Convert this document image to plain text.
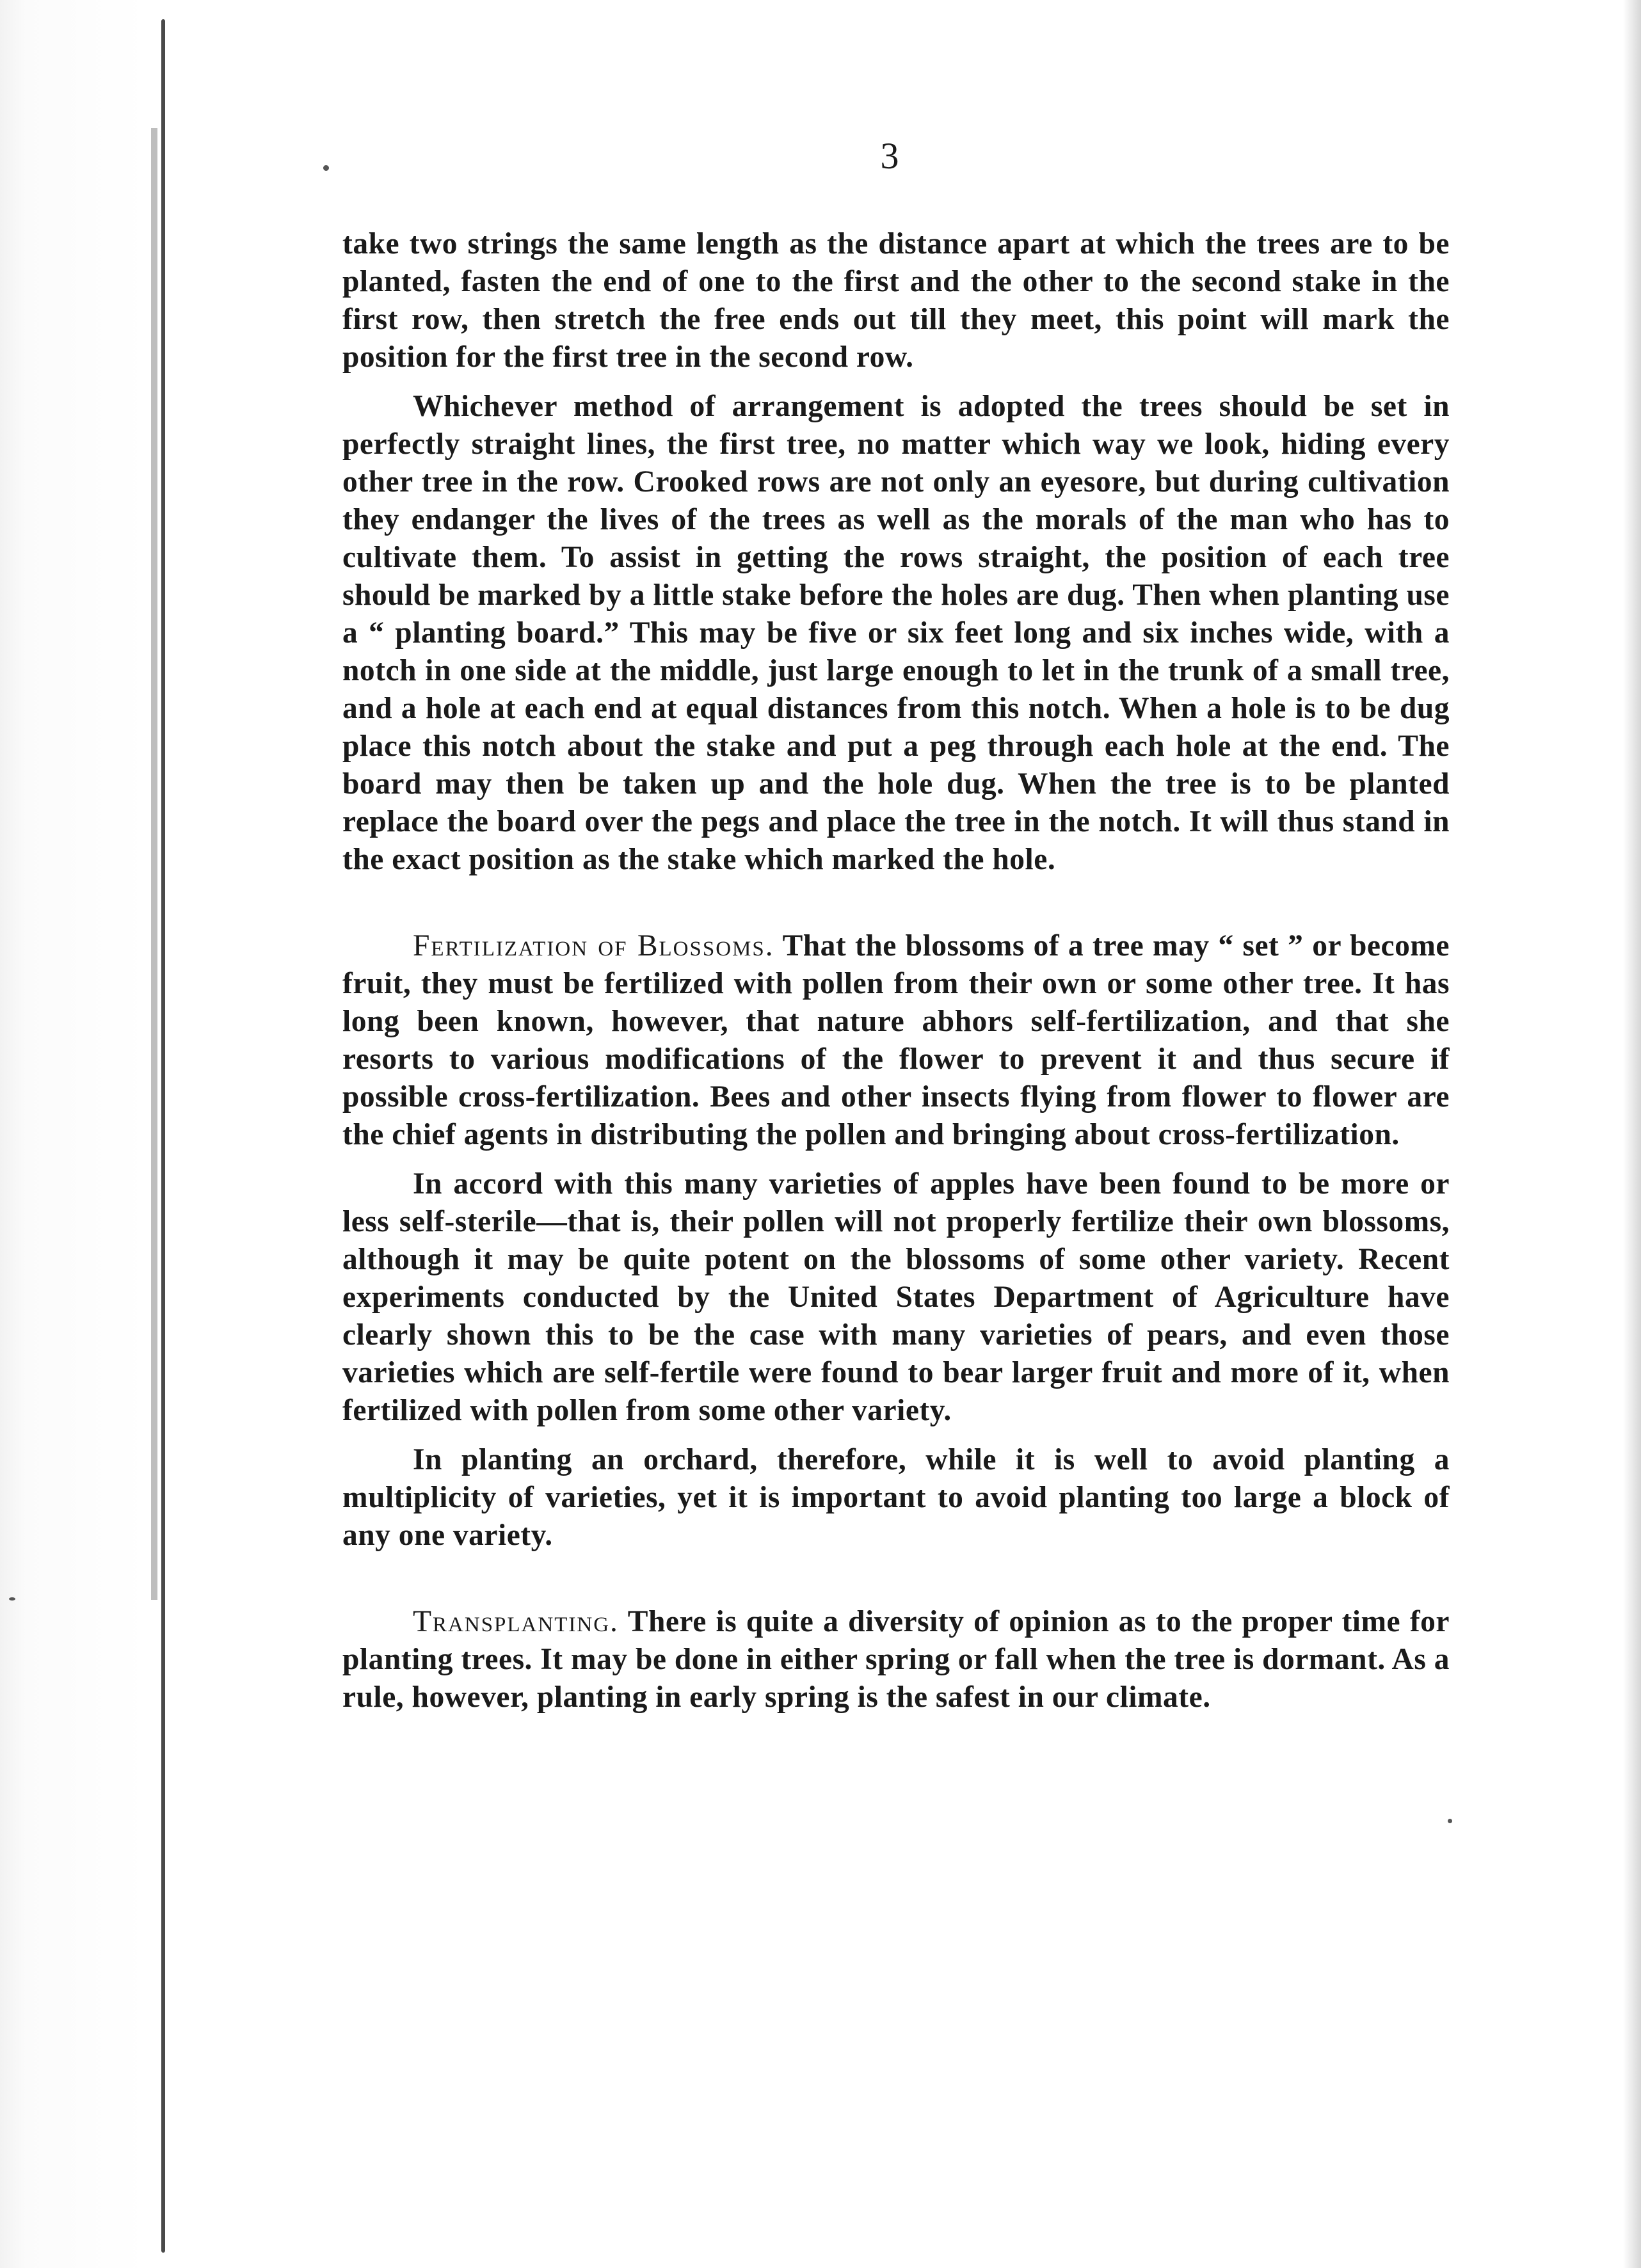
3

take two strings the same length as the distance apart at which the trees are to be planted, fasten the end of one to the first and the other to the second stake in the first row, then stretch the free ends out till they meet, this point will mark the position for the first tree in the second row.

Whichever method of arrangement is adopted the trees should be set in perfectly straight lines, the first tree, no matter which way we look, hiding every other tree in the row. Crooked rows are not only an eyesore, but during cultivation they endanger the lives of the trees as well as the morals of the man who has to cultivate them. To assist in getting the rows straight, the position of each tree should be marked by a little stake before the holes are dug. Then when planting use a “ planting board.” This may be five or six feet long and six inches wide, with a notch in one side at the middle, just large enough to let in the trunk of a small tree, and a hole at each end at equal distances from this notch. When a hole is to be dug place this notch about the stake and put a peg through each hole at the end. The board may then be taken up and the hole dug. When the tree is to be planted replace the board over the pegs and place the tree in the notch. It will thus stand in the exact position as the stake which marked the hole.

Fertilization of Blossoms. That the blossoms of a tree may “ set ” or become fruit, they must be fertilized with pollen from their own or some other tree. It has long been known, however, that nature abhors self-fertilization, and that she resorts to various modifications of the flower to prevent it and thus secure if possible cross-fertilization. Bees and other insects flying from flower to flower are the chief agents in distributing the pollen and bringing about cross-fertilization.

In accord with this many varieties of apples have been found to be more or less self-sterile—that is, their pollen will not properly fertilize their own blossoms, although it may be quite potent on the blossoms of some other variety. Recent experiments conducted by the United States Department of Agriculture have clearly shown this to be the case with many varieties of pears, and even those varieties which are self-fertile were found to bear larger fruit and more of it, when fertilized with pollen from some other variety.

In planting an orchard, therefore, while it is well to avoid planting a multiplicity of varieties, yet it is important to avoid planting too large a block of any one variety.

Transplanting. There is quite a diversity of opinion as to the proper time for planting trees. It may be done in either spring or fall when the tree is dormant. As a rule, however, planting in early spring is the safest in our climate.
